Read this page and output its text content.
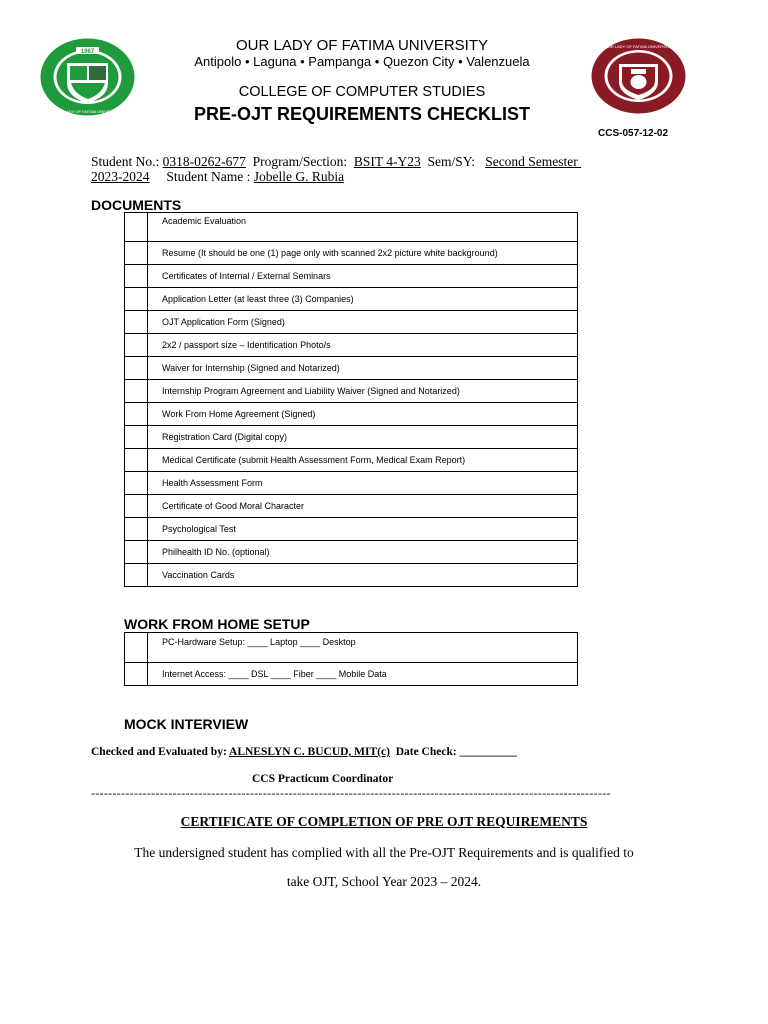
1967
OUR LADY OF FATIMA UNIVERSITY
OUR LADY OF FATIMA UNIVERSITY
OUR LADY OF FATIMA UNIVERSITY
Antipolo • Laguna • Pampanga • Quezon City • Valenzuela
COLLEGE OF COMPUTER STUDIES
PRE-OJT REQUIREMENTS CHECKLIST
CCS-057-12-02
Student No.: 0318-0262-677  Program/Section:  BSIT 4-Y23  Sem/SY:   Second Semester
2023-2024     Student Name : Jobelle G. Rubia
DOCUMENTS
	Academic Evaluation
	Resume (It should be one (1) page only with scanned 2x2 picture white background)
	Certificates of Internal / External Seminars
	Application Letter (at least three (3) Companies)
	OJT Application Form (Signed)
	2x2 / passport size – Identification Photo/s
	Waiver for Internship (Signed and Notarized)
	Internship Program Agreement and Liability Waiver (Signed and Notarized)
	Work From Home Agreement (Signed)
	Registration Card (Digital copy)
	Medical Certificate (submit Health Assessment Form, Medical Exam Report)
	Health Assessment Form
	Certificate of Good Moral Character
	Psychological Test
	Philhealth ID No. (optional)
	Vaccination Cards
WORK FROM HOME SETUP
	PC-Hardware Setup: ____ Laptop ____ Desktop
	Internet Access: ____ DSL ____ Fiber ____ Mobile Data
MOCK INTERVIEW
Checked and Evaluated by: ALNESLYN C. BUCUD, MIT(c)  Date Check: __________
CCS Practicum Coordinator
-------------------------------------------------------------------------------------------------------------------------
CERTIFICATE OF COMPLETION OF PRE OJT REQUIREMENTS
The undersigned student has complied with all the Pre-OJT Requirements and is qualified to
take OJT, School Year 2023 – 2024.
